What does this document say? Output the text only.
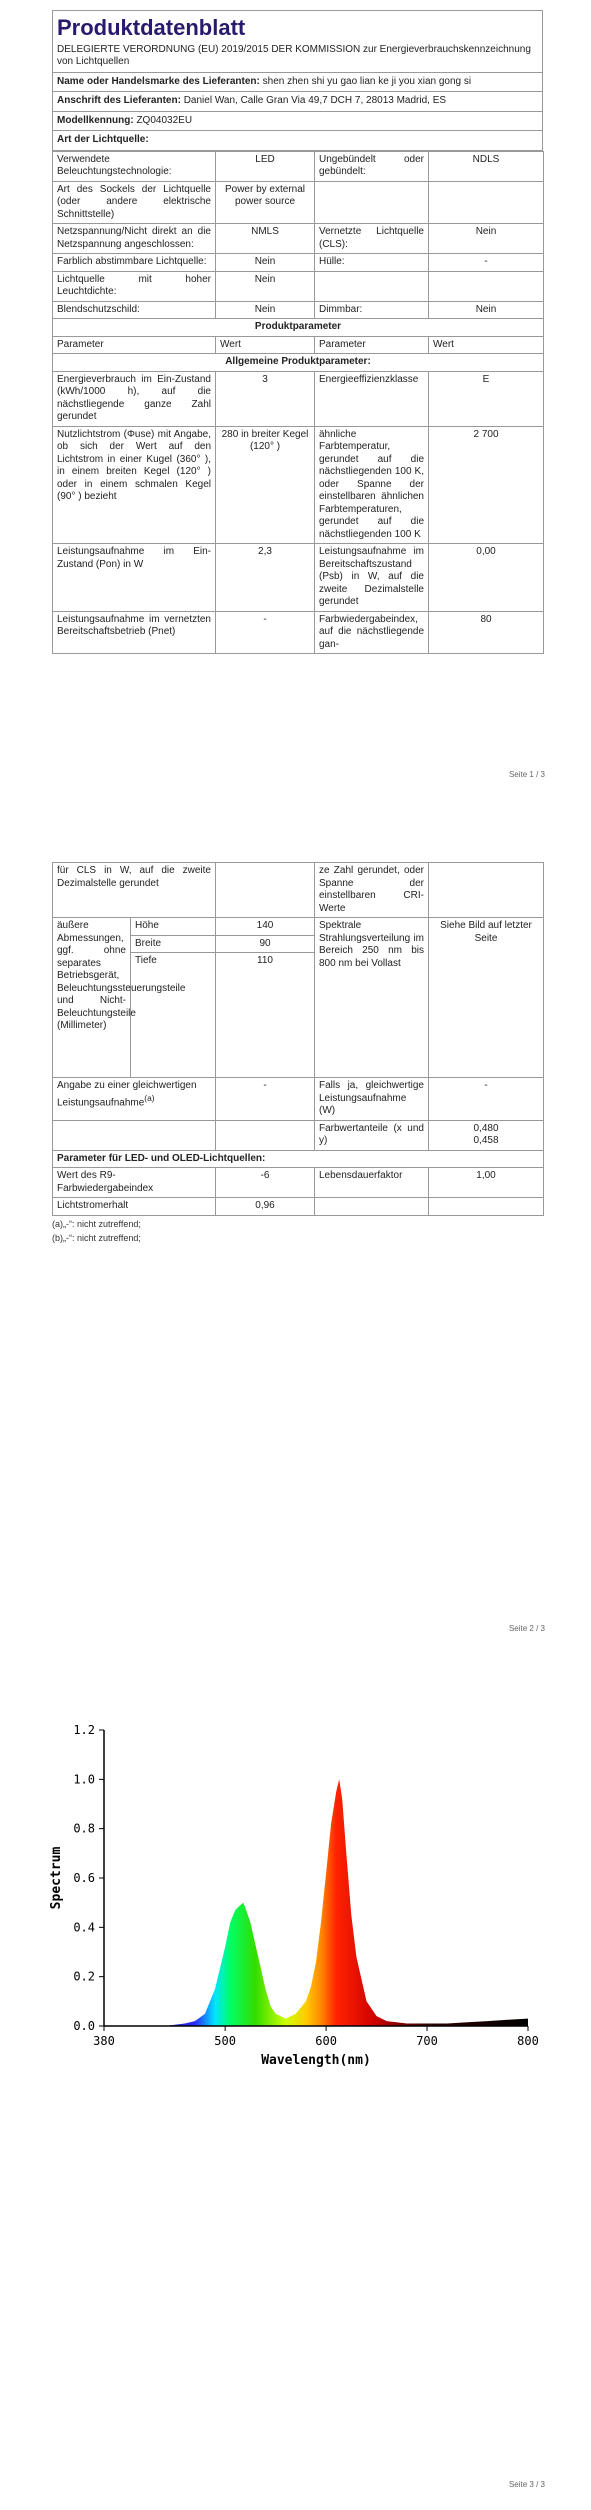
Produktdatenblatt
DELEGIERTE VERORDNUNG (EU) 2019/2015 DER KOMMISSION zur Energieverbrauchskennzeichnung von Lichtquellen
Name oder Handelsmarke des Lieferanten: shen zhen shi yu gao lian ke ji you xian gong si
Anschrift des Lieferanten: Daniel Wan, Calle Gran Via 49,7 DCH 7, 28013 Madrid, ES
Modellkennung: ZQ04032EU
Art der Lichtquelle:
Verwendete Beleuchtungstechnologie:	LED	Ungebündelt oder gebündelt:	NDLS
Art des Sockels der Lichtquelle (oder andere elektrische Schnittstelle)	Power by external power source		
Netzspannung/Nicht direkt an die Netzspannung angeschlossen:	NMLS	Vernetzte Lichtquelle (CLS):	Nein
Farblich abstimmbare Lichtquelle:	Nein	Hülle:	-
Lichtquelle mit hoher Leuchtdichte:	Nein		
Blendschutzschild:	Nein	Dimmbar:	Nein
Produktparameter			
Parameter	Wert	Parameter	Wert
Allgemeine Produktparameter:			
Energieverbrauch im Ein-Zustand (kWh/1000 h), auf die nächstliegende ganze Zahl gerundet	3	Energieeffizienzklasse	E
Nutzlichtstrom (Φuse) mit Angabe, ob sich der Wert auf den Lichtstrom in einer Kugel (360° ), in einem breiten Kegel (120° ) oder in einem schmalen Kegel (90° ) bezieht	280 in breiter Kegel (120° )	ähnliche Farbtemperatur, gerundet auf die nächstliegenden 100 K, oder Spanne der einstellbaren ähnlichen Farbtemperaturen, gerundet auf die nächstliegenden 100 K	2 700
Leistungsaufnahme im Ein-Zustand (Pon) in W	2,3	Leistungsaufnahme im Bereitschaftszustand (Psb) in W, auf die zweite Dezimalstelle gerundet	0,00
Leistungsaufnahme im vernetzten Bereitschaftsbetrieb (Pnet)	-	Farbwiedergabeindex, auf die nächstliegende gan-	80
Seite 1 / 3
für CLS in W, auf die zweite Dezimalstelle gerundet			ze Zahl gerundet, oder Spanne der einstellbaren CRI-Werte	
äußere Abmessungen, ggf. ohne separates Betriebsgerät, Beleuchtungssteuerungsteile und Nicht-Beleuchtungsteile (Millimeter)	Höhe	140	Spektrale Strahlungsverteilung im Bereich 250 nm bis 800 nm bei Vollast	Siehe Bild auf letzter Seite
	Breite	90		
	Tiefe	110		
Angabe zu einer gleichwertigen Leistungsaufnahme$^{(a)}$		-	Falls ja, gleichwertige Leistungsaufnahme (W)	-
			Farbwertanteile (x und y)	0,480
0,458

Parameter für LED- und OLED-Lichtquellen:				
Wert des R9-Farbwiedergabeindex		-6	Lebensdauerfaktor	1,00
Lichtstromerhalt		0,96		
(a)„-“: nicht zutreffend;
(b)„-“: nicht zutreffend;
Seite 2 / 3
380	500	600	700	800
0.0
0.2
0.4
0.6
0.8
1.0
1.2
Wavelength(nm)
Spectrum
Seite 3 / 3
